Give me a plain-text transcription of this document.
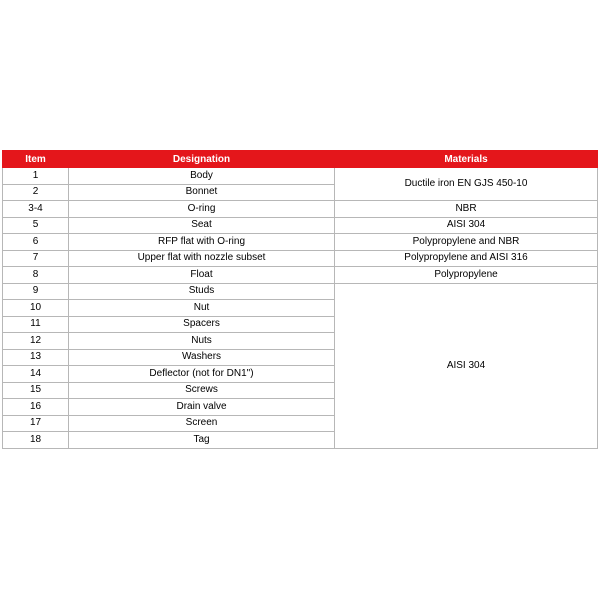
Item	Designation	Materials
1	Body	Ductile iron EN GJS 450-10
2	Bonnet	
3-4	O-ring	NBR
5	Seat	AISI 304
6	RFP flat with O-ring	Polypropylene and NBR
7	Upper flat with nozzle subset	Polypropylene and AISI 316
8	Float	Polypropylene
9	Studs	AISI 304
10	Nut	
11	Spacers	
12	Nuts	
13	Washers	
14	Deflector (not for DN1")	
15	Screws	
16	Drain valve	
17	Screen	
18	Tag	
